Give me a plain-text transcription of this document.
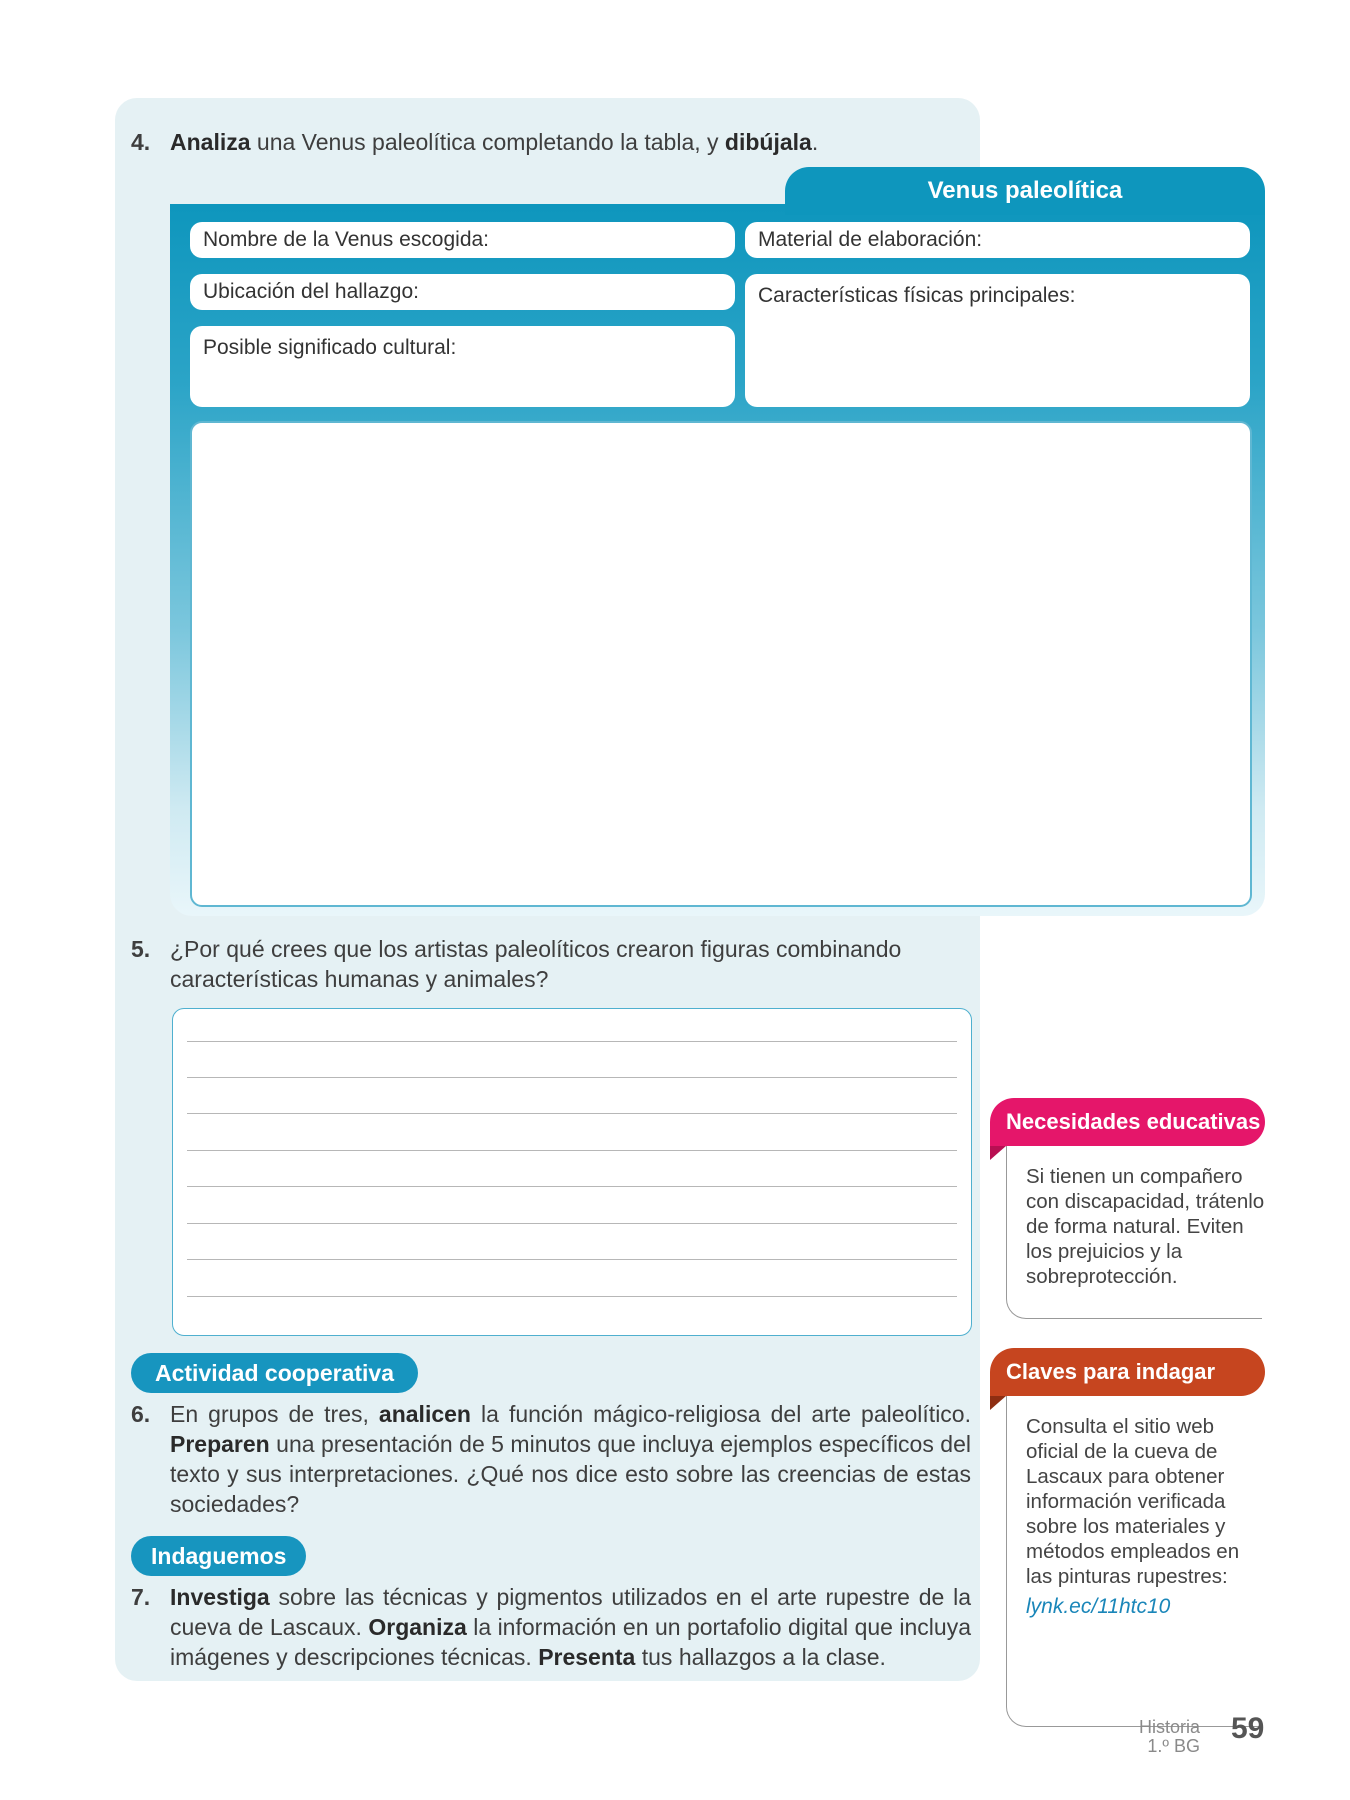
4. Analiza una Venus paleolítica completando la tabla, y dibújala.
Venus paleolítica
Nombre de la Venus escogida:	Material de elaboración:
Ubicación del hallazgo:	Características físicas principales:
Posible significado cultural:
5. ¿Por qué crees que los artistas paleolíticos crearon figuras combinando características humanas y animales?
Actividad cooperativa
6. En grupos de tres, analicen la función mágico-religiosa del arte paleolítico. Preparen una presentación de 5 minutos que incluya ejemplos específicos del texto y sus interpretaciones. ¿Qué nos dice esto sobre las creencias de estas sociedades?
Indaguemos
7. Investiga sobre las técnicas y pigmentos utilizados en el arte rupestre de la cueva de Lascaux. Organiza la información en un portafolio digital que incluya imágenes y descripciones técnicas. Presenta tus hallazgos a la clase.
Necesidades educativas
Si tienen un compañero con discapacidad, trátenlo de forma natural. Eviten los prejuicios y la sobreprotección.
Claves para indagar
Consulta el sitio web oficial de la cueva de Lascaux para obtener información verificada sobre los materiales y métodos empleados en las pinturas rupestres:
lynk.ec/11htc10
Historia
1.º BG
59
